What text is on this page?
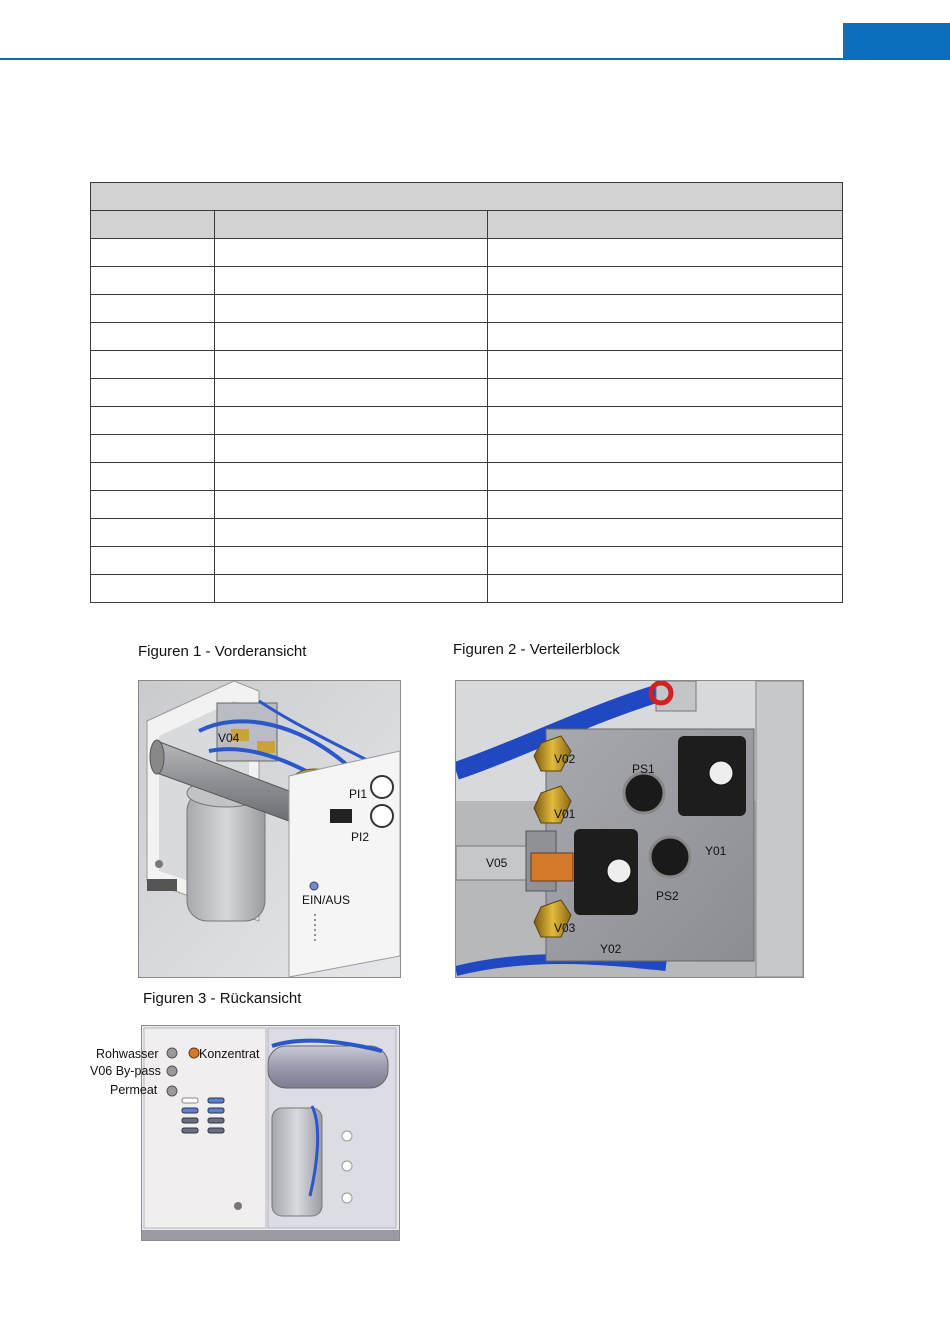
Figuren 1 - Vorderansicht
V04
PI1
PI2
EIN/AUS
Figuren 2 - Verteilerblock
V02
V01
V05
V03
PS1
PS2
Y01
Y02
Figuren 3 - Rückansicht
Rohwasser	Konzentrat
V06 By-pass
Permeat
